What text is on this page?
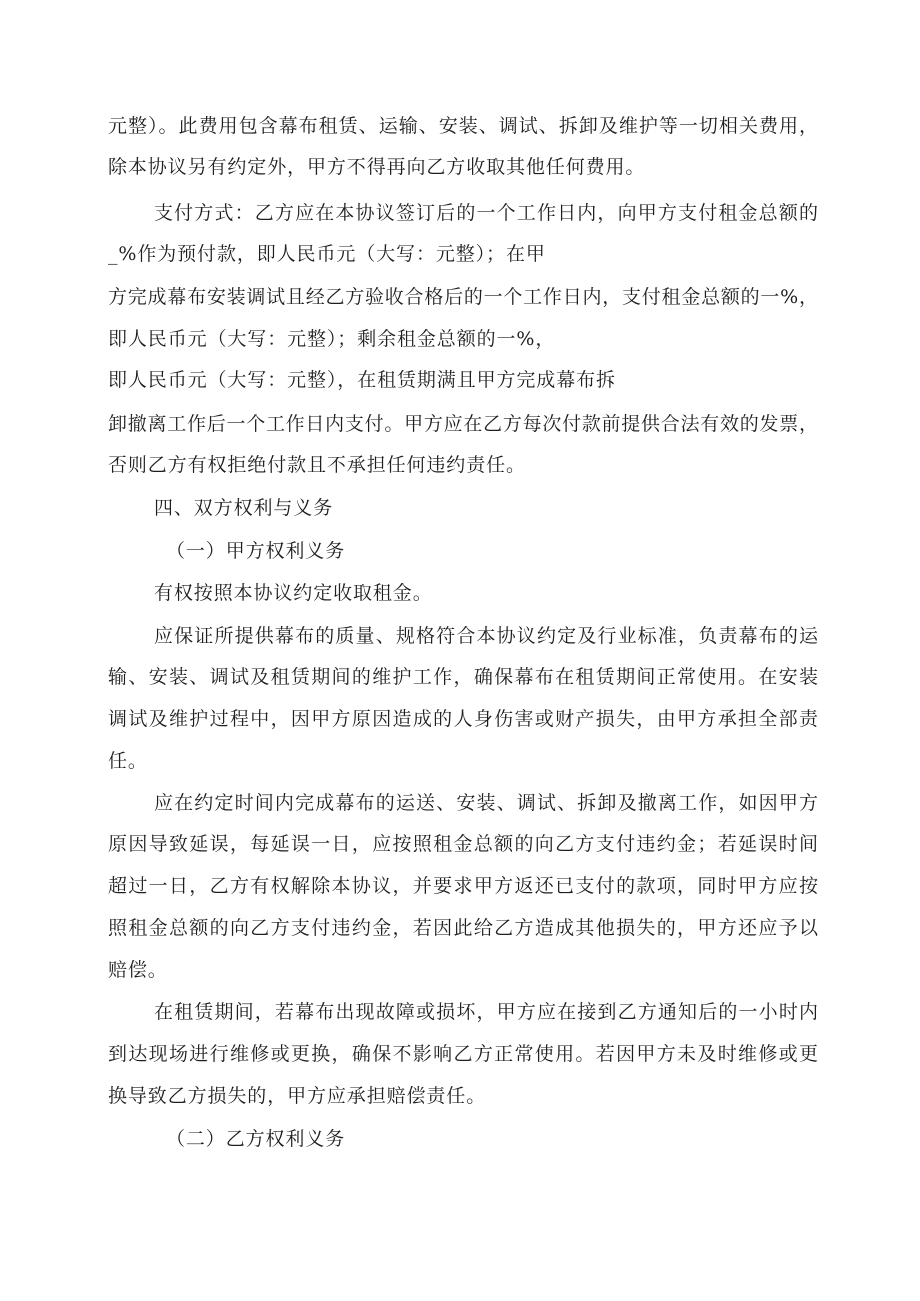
元整）。此费用包含幕布租赁、运输、安装、调试、拆卸及维护等一切相关费用，
除本协议另有约定外，甲方不得再向乙方收取其他任何费用。
支付方式：乙方应在本协议签订后的一个工作日内，向甲方支付租金总额的
_%作为预付款，即人民币元（大写：元整）；在甲
方完成幕布安装调试且经乙方验收合格后的一个工作日内，支付租金总额的一%，
即人民币元（大写：元整）；剩余租金总额的一%，
即人民币元（大写：元整），在租赁期满且甲方完成幕布拆
卸撤离工作后一个工作日内支付。甲方应在乙方每次付款前提供合法有效的发票，
否则乙方有权拒绝付款且不承担任何违约责任。
四、双方权利与义务
（一）甲方权利义务
有权按照本协议约定收取租金。
应保证所提供幕布的质量、规格符合本协议约定及行业标准，负责幕布的运
输、安装、调试及租赁期间的维护工作，确保幕布在租赁期间正常使用。在安装
调试及维护过程中，因甲方原因造成的人身伤害或财产损失，由甲方承担全部责
任。
应在约定时间内完成幕布的运送、安装、调试、拆卸及撤离工作，如因甲方
原因导致延误，每延误一日，应按照租金总额的向乙方支付违约金；若延误时间
超过一日，乙方有权解除本协议，并要求甲方返还已支付的款项，同时甲方应按
照租金总额的向乙方支付违约金，若因此给乙方造成其他损失的，甲方还应予以
赔偿。
在租赁期间，若幕布出现故障或损坏，甲方应在接到乙方通知后的一小时内
到达现场进行维修或更换，确保不影响乙方正常使用。若因甲方未及时维修或更
换导致乙方损失的，甲方应承担赔偿责任。
（二）乙方权利义务
